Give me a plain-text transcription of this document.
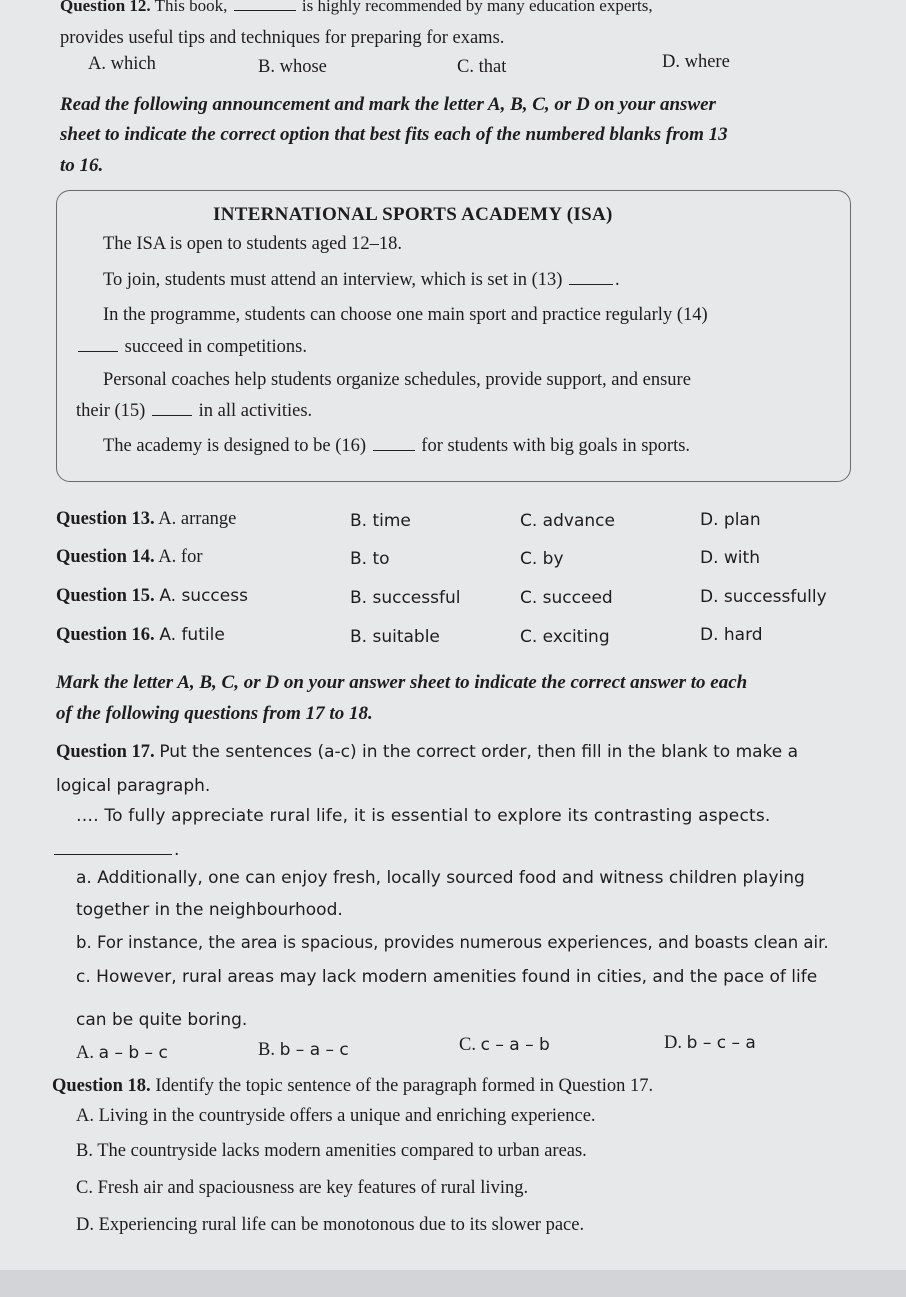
Question 12. This book,	is highly recommended by many education experts,
provides useful tips and techniques for preparing for exams.
A. which	B. whose	C. that	D. where
Read the following announcement and mark the letter A, B, C, or D on your answer
sheet to indicate the correct option that best fits each of the numbered blanks from 13
to 16.
INTERNATIONAL SPORTS ACADEMY (ISA)
The ISA is open to students aged 12–18.
To join, students must attend an interview, which is set in (13)	.
In the programme, students can choose one main sport and practice regularly (14)
succeed in competitions.
Personal coaches help students organize schedules, provide support, and ensure
their (15)	in all activities.
The academy is designed to be (16)	for students with big goals in sports.
Question 13. A. arrange	B. time	C. advance	D. plan
Question 14. A. for	B. to	C. by	D. with
Question 15. A. success	B. successful	C. succeed	D. successfully
Question 16. A. futile	B. suitable	C. exciting	D. hard
Mark the letter A, B, C, or D on your answer sheet to indicate the correct answer to each
of the following questions from 17 to 18.
Question 17. Put the sentences (a-c) in the correct order, then fill in the blank to make a
logical paragraph.
…. To fully appreciate rural life, it is essential to explore its contrasting aspects.
.
a. Additionally, one can enjoy fresh, locally sourced food and witness children playing
together in the neighbourhood.
b. For instance, the area is spacious, provides numerous experiences, and boasts clean air.
c. However, rural areas may lack modern amenities found in cities, and the pace of life
can be quite boring.
A. a – b – c	B. b – a – c	C. c – a – b	D. b – c – a
Question 18. Identify the topic sentence of the paragraph formed in Question 17.
A. Living in the countryside offers a unique and enriching experience.
B. The countryside lacks modern amenities compared to urban areas.
C. Fresh air and spaciousness are key features of rural living.
D. Experiencing rural life can be monotonous due to its slower pace.
